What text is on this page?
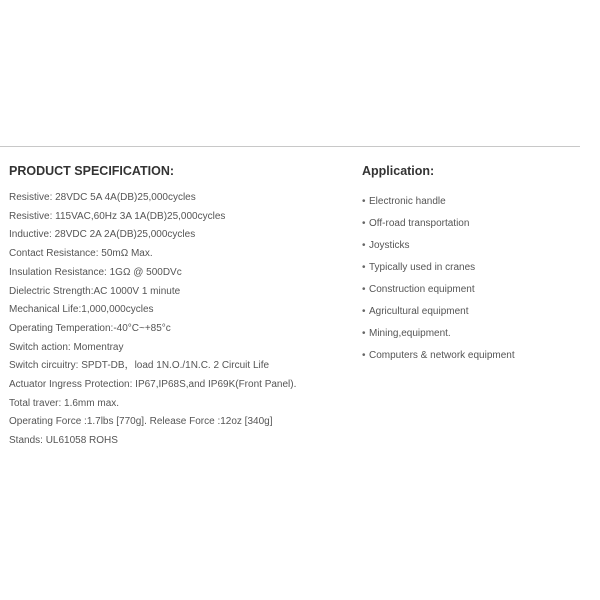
PRODUCT SPECIFICATION:
Resistive: 28VDC 5A 4A(DB)25,000cycles
Resistive: 115VAC,60Hz 3A 1A(DB)25,000cycles
Inductive: 28VDC 2A 2A(DB)25,000cycles
Contact Resistance: 50mΩ Max.
Insulation Resistance: 1GΩ @ 500DVc
Dielectric Strength:AC 1000V 1 minute
Mechanical Life:1,000,000cycles
Operating Temperation:-40°C~+85°c
Switch action: Momentray
Switch circuitry: SPDT-DB，load 1N.O./1N.C. 2 Circuit Life
Actuator Ingress Protection: IP67,IP68S,and IP69K(Front Panel).
Total traver: 1.6mm max.
Operating Force :1.7lbs [770g]. Release Force :12oz [340g]
Stands: UL61058 ROHS
Application:
• Electronic handle
• Off-road transportation
• Joysticks
• Typically used in cranes
• Construction equipment
• Agricultural equipment
• Mining,equipment.
• Computers & network equipment
